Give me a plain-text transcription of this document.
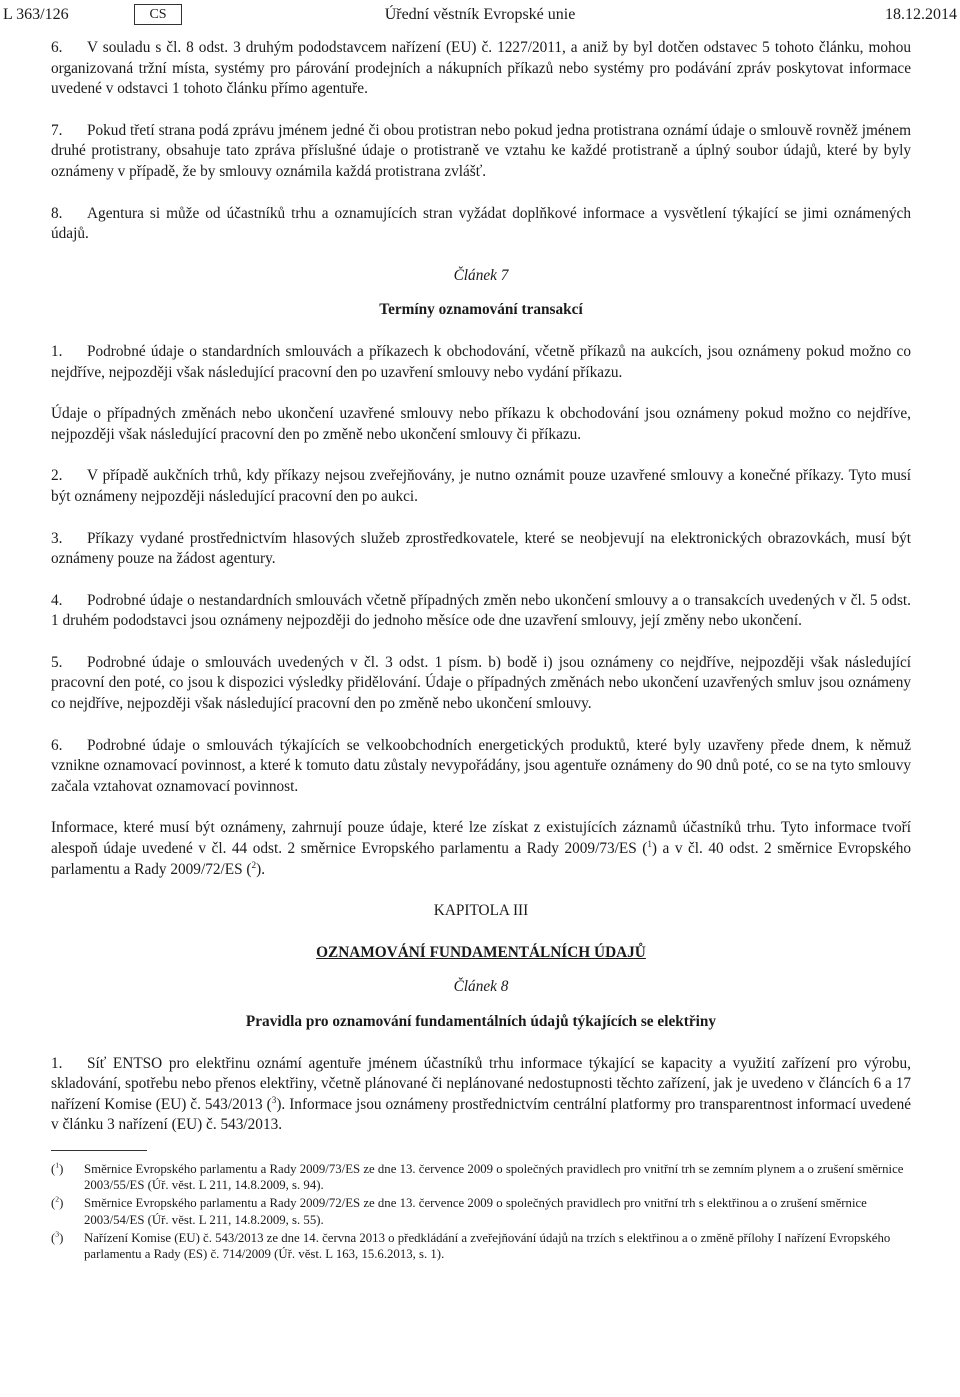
L 363/126	CS	Úřední věstník Evropské unie	18.12.2014

6. V souladu s čl. 8 odst. 3 druhým pododstavcem nařízení (EU) č. 1227/2011, a aniž by byl dotčen odstavec 5 tohoto článku, mohou organizovaná tržní místa, systémy pro párování prodejních a nákupních příkazů nebo systémy pro podávání zpráv poskytovat informace uvedené v odstavci 1 tohoto článku přímo agentuře.

7. Pokud třetí strana podá zprávu jménem jedné či obou protistran nebo pokud jedna protistrana oznámí údaje o smlouvě rovněž jménem druhé protistrany, obsahuje tato zpráva příslušné údaje o protistraně ve vztahu ke každé protistraně a úplný soubor údajů, které by byly oznámeny v případě, že by smlouvy oznámila každá protistrana zvlášť.

8. Agentura si může od účastníků trhu a oznamujících stran vyžádat doplňkové informace a vysvětlení týkající se jimi oznámených údajů.

Článek 7

Termíny oznamování transakcí

1. Podrobné údaje o standardních smlouvách a příkazech k obchodování, včetně příkazů na aukcích, jsou oznámeny pokud možno co nejdříve, nejpozději však následující pracovní den po uzavření smlouvy nebo vydání příkazu.

Údaje o případných změnách nebo ukončení uzavřené smlouvy nebo příkazu k obchodování jsou oznámeny pokud možno co nejdříve, nejpozději však následující pracovní den po změně nebo ukončení smlouvy či příkazu.

2. V případě aukčních trhů, kdy příkazy nejsou zveřejňovány, je nutno oznámit pouze uzavřené smlouvy a konečné příkazy. Tyto musí být oznámeny nejpozději následující pracovní den po aukci.

3. Příkazy vydané prostřednictvím hlasových služeb zprostředkovatele, které se neobjevují na elektronických obrazovkách, musí být oznámeny pouze na žádost agentury.

4. Podrobné údaje o nestandardních smlouvách včetně případných změn nebo ukončení smlouvy a o transakcích uvedených v čl. 5 odst. 1 druhém pododstavci jsou oznámeny nejpozději do jednoho měsíce ode dne uzavření smlouvy, její změny nebo ukončení.

5. Podrobné údaje o smlouvách uvedených v čl. 3 odst. 1 písm. b) bodě i) jsou oznámeny co nejdříve, nejpozději však následující pracovní den poté, co jsou k dispozici výsledky přidělování. Údaje o případných změnách nebo ukončení uzavřených smluv jsou oznámeny co nejdříve, nejpozději však následující pracovní den po změně nebo ukončení smlouvy.

6. Podrobné údaje o smlouvách týkajících se velkoobchodních energetických produktů, které byly uzavřeny přede dnem, k němuž vznikne oznamovací povinnost, a které k tomuto datu zůstaly nevypořádány, jsou agentuře oznámeny do 90 dnů poté, co se na tyto smlouvy začala vztahovat oznamovací povinnost.

Informace, které musí být oznámeny, zahrnují pouze údaje, které lze získat z existujících záznamů účastníků trhu. Tyto informace tvoří alespoň údaje uvedené v čl. 44 odst. 2 směrnice Evropského parlamentu a Rady 2009/73/ES ($^1$) a v čl. 40 odst. 2 směrnice Evropského parlamentu a Rady 2009/72/ES ($^2$).

KAPITOLA III

OZNAMOVÁNÍ FUNDAMENTÁLNÍCH ÚDAJŮ

Článek 8

Pravidla pro oznamování fundamentálních údajů týkajících se elektřiny

1. Síť ENTSO pro elektřinu oznámí agentuře jménem účastníků trhu informace týkající se kapacity a využití zařízení pro výrobu, skladování, spotřebu nebo přenos elektřiny, včetně plánované či neplánované nedostupnosti těchto zařízení, jak je uvedeno v článcích 6 a 17 nařízení Komise (EU) č. 543/2013 ($^3$). Informace jsou oznámeny prostřednictvím centrální platformy pro transparentnost informací uvedené v článku 3 nařízení (EU) č. 543/2013.

($^1$) Směrnice Evropského parlamentu a Rady 2009/73/ES ze dne 13. července 2009 o společných pravidlech pro vnitřní trh se zemním plynem a o zrušení směrnice 2003/55/ES (Úř. věst. L 211, 14.8.2009, s. 94).
($^2$) Směrnice Evropského parlamentu a Rady 2009/72/ES ze dne 13. července 2009 o společných pravidlech pro vnitřní trh s elektřinou a o zrušení směrnice 2003/54/ES (Úř. věst. L 211, 14.8.2009, s. 55).
($^3$) Nařízení Komise (EU) č. 543/2013 ze dne 14. června 2013 o předkládání a zveřejňování údajů na trzích s elektřinou a o změně přílohy I nařízení Evropského parlamentu a Rady (ES) č. 714/2009 (Úř. věst. L 163, 15.6.2013, s. 1).
